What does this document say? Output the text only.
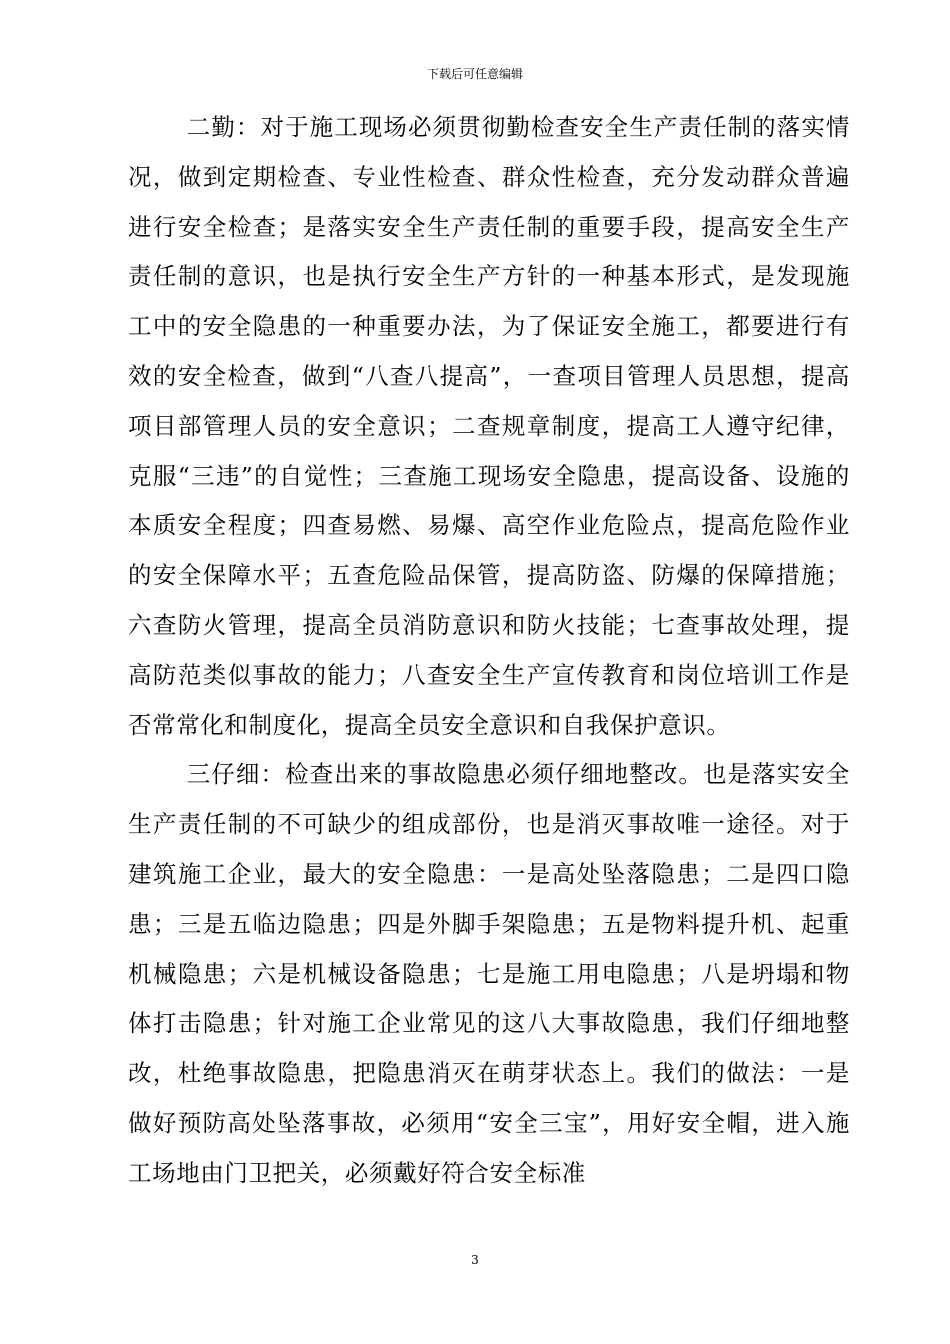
下载后可任意编辑

二勤：对于施工现场必须贯彻勤检查安全生产责任制的落实情况，做到定期检查、专业性检查、群众性检查，充分发动群众普遍进行安全检查；是落实安全生产责任制的重要手段，提高安全生产责任制的意识，也是执行安全生产方针的一种基本形式，是发现施工中的安全隐患的一种重要办法，为了保证安全施工，都要进行有效的安全检查，做到“八查八提高”，一查项目管理人员思想，提高项目部管理人员的安全意识；二查规章制度，提高工人遵守纪律，克服“三违”的自觉性；三查施工现场安全隐患，提高设备、设施的本质安全程度；四查易燃、易爆、高空作业危险点，提高危险作业的安全保障水平；五查危险品保管，提高防盗、防爆的保障措施；六查防火管理，提高全员消防意识和防火技能；七查事故处理，提高防范类似事故的能力；八查安全生产宣传教育和岗位培训工作是否常常化和制度化，提高全员安全意识和自我保护意识。

三仔细：检查出来的事故隐患必须仔细地整改。也是落实安全生产责任制的不可缺少的组成部份，也是消灭事故唯一途径。对于建筑施工企业，最大的安全隐患：一是高处坠落隐患；二是四口隐患；三是五临边隐患；四是外脚手架隐患；五是物料提升机、起重机械隐患；六是机械设备隐患；七是施工用电隐患；八是坍塌和物体打击隐患；针对施工企业常见的这八大事故隐患，我们仔细地整改，杜绝事故隐患，把隐患消灭在萌芽状态上。我们的做法：一是做好预防高处坠落事故，必须用“安全三宝”，用好安全帽，进入施工场地由门卫把关，必须戴好符合安全标准

3
